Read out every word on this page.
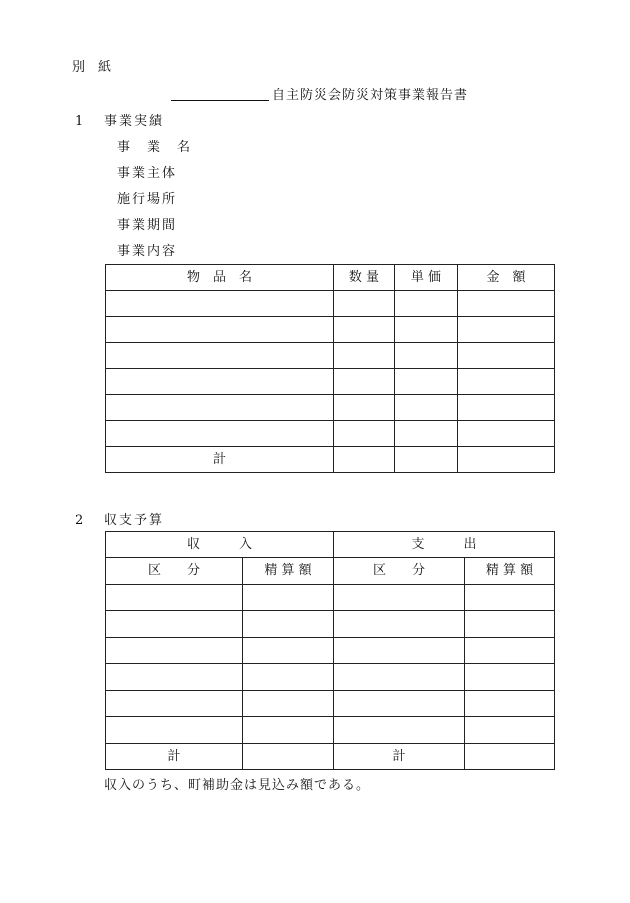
別　紙
自主防災会防災対策事業報告書
1 事業実績
事　業　名
事業主体
施行場所
事業期間
事業内容
物　品　名	数 量	単 価	金　額

計			
2 収支予算
収　　　入		支　　　出	
区　　分	精 算 額	区　　分	精 算 額

計		計	
収入のうち、町補助金は見込み額である。
